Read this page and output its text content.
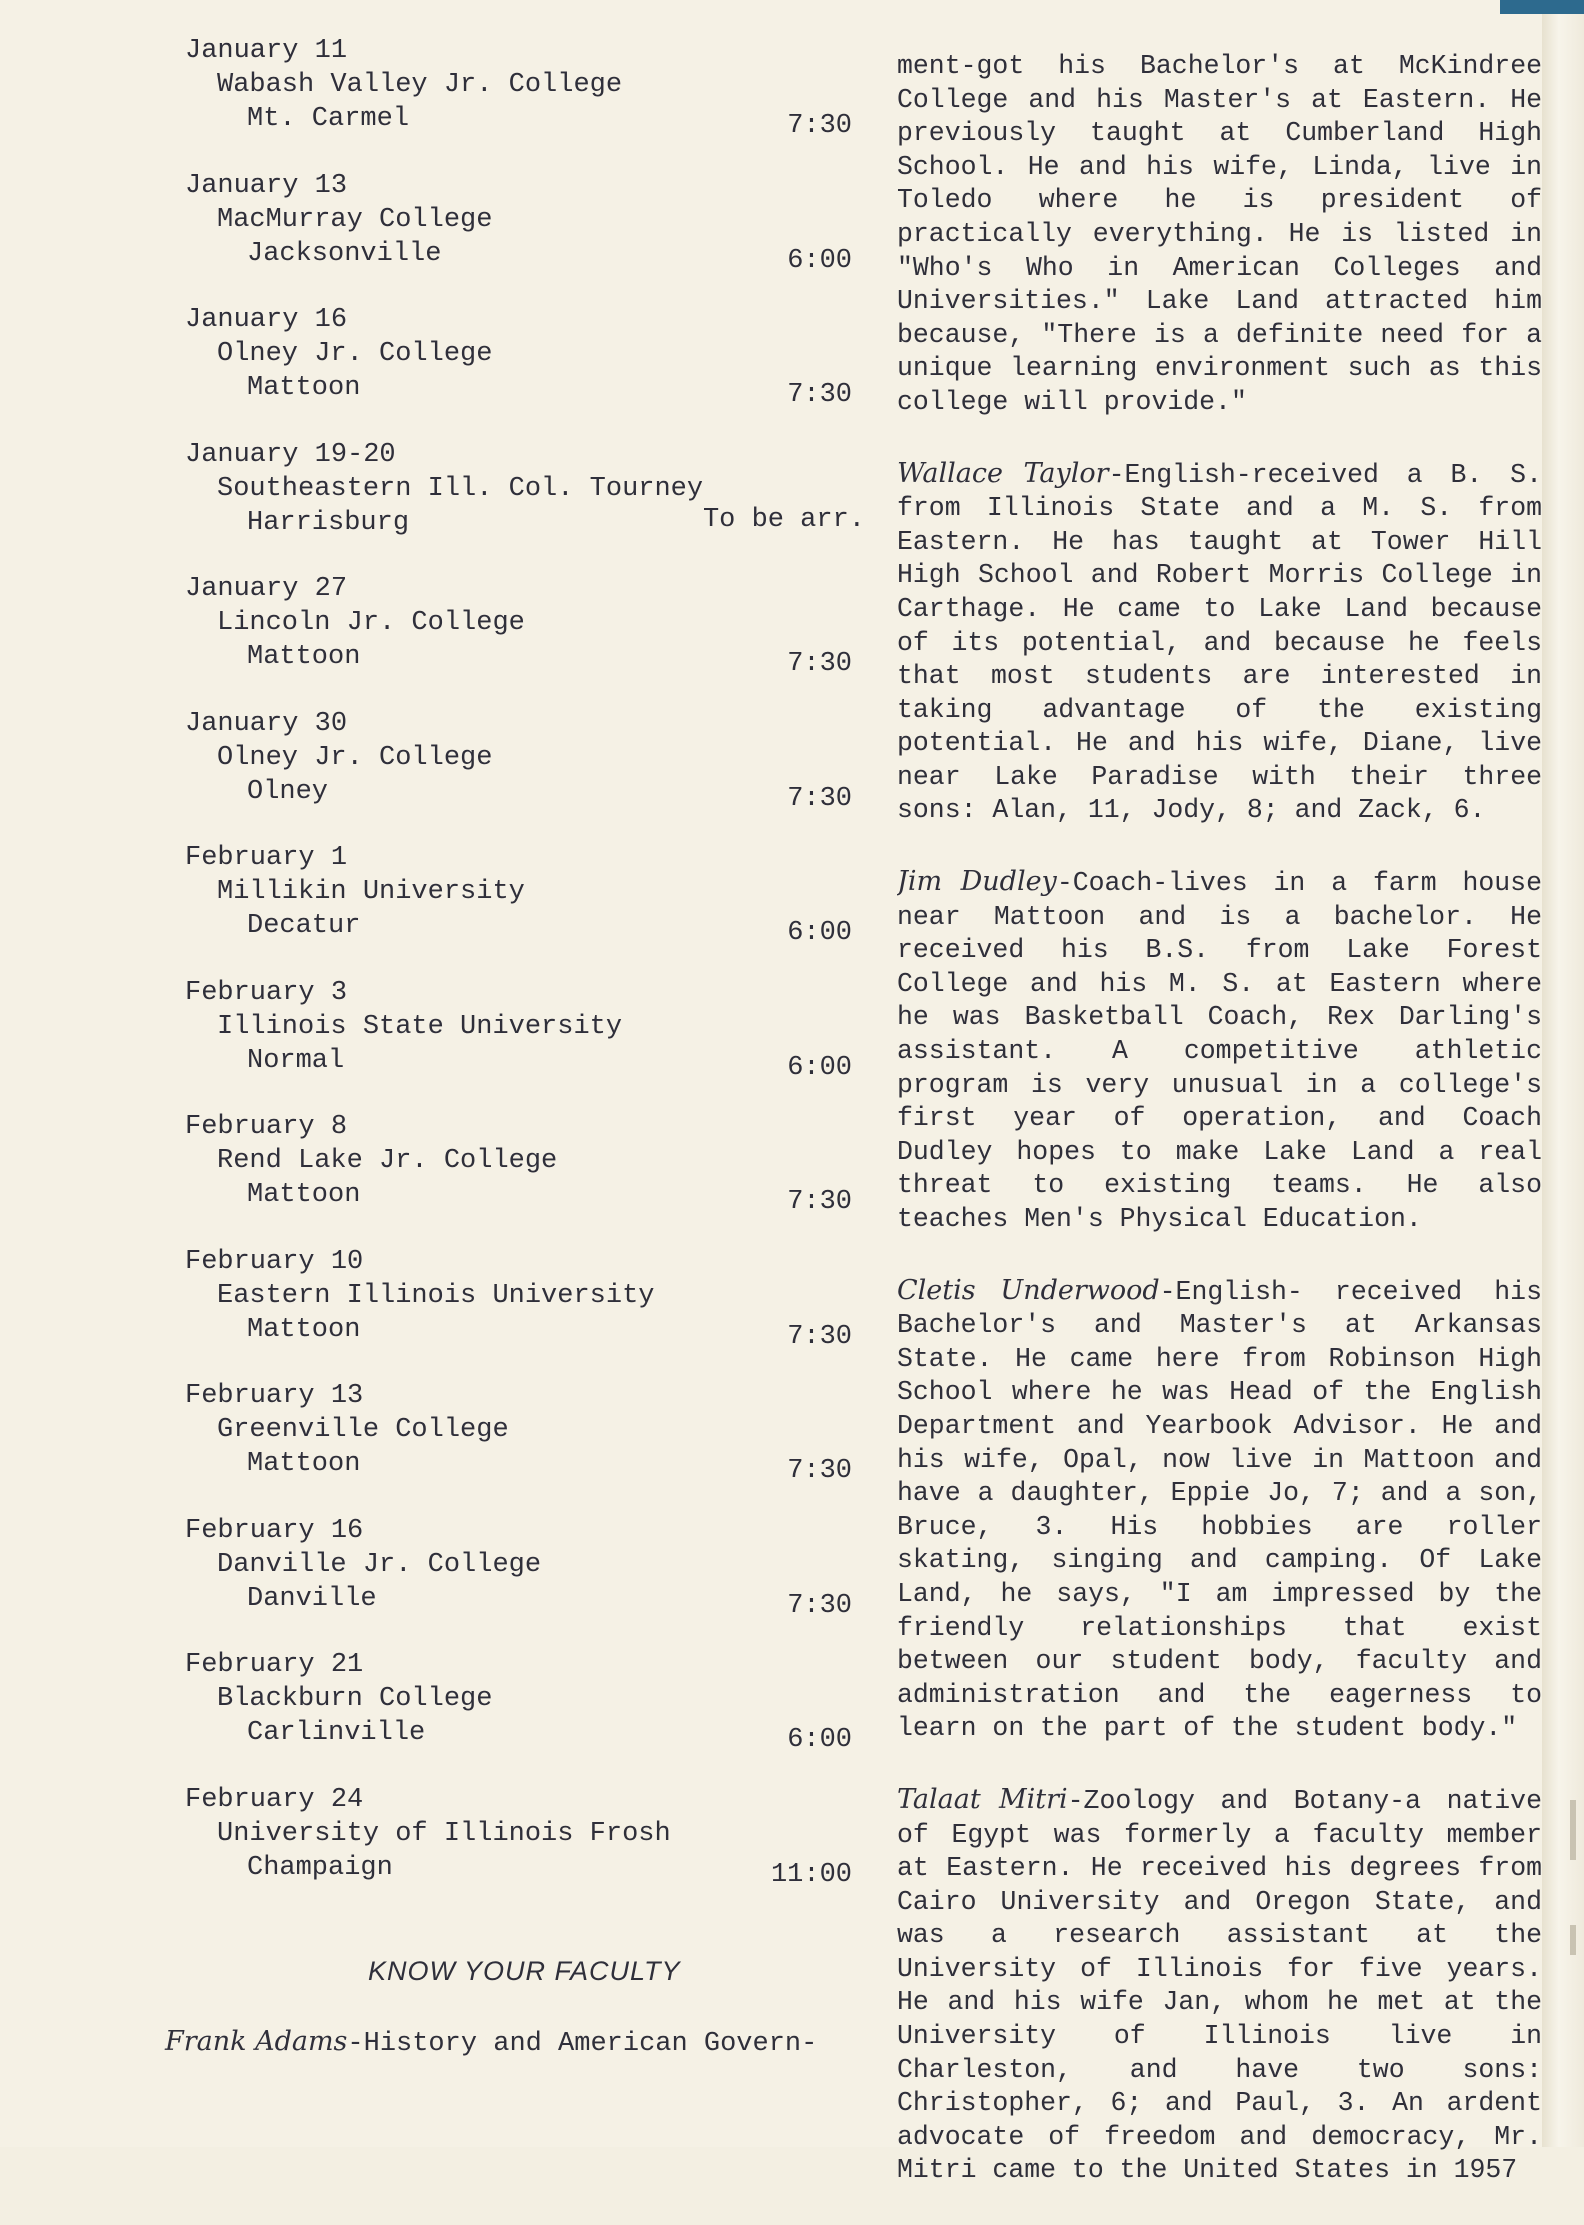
January 11
Wabash Valley Jr. College
Mt. Carmel	7:30
January 13
MacMurray College
Jacksonville	6:00
January 16
Olney Jr. College
Mattoon	7:30
January 19-20
Southeastern Ill. Col. Tourney
Harrisburg	To be arr.
January 27
Lincoln Jr. College
Mattoon	7:30
January 30
Olney Jr. College
Olney	7:30
February 1
Millikin University
Decatur	6:00
February 3
Illinois State University
Normal	6:00
February 8
Rend Lake Jr. College
Mattoon	7:30
February 10
Eastern Illinois University
Mattoon	7:30
February 13
Greenville College
Mattoon	7:30
February 16
Danville Jr. College
Danville	7:30
February 21
Blackburn College
Carlinville	6:00
February 24
University of Illinois Frosh
Champaign	11:00
KNOW YOUR FACULTY
Frank Adams-History and American Govern-

ment-got his Bachelor's at McKindree College and his Master's at Eastern. He previously taught at Cumberland High School. He and his wife, Linda, live in Toledo where he is president of practically everything. He is listed in "Who's Who in American Colleges and Universities." Lake Land attracted him because, "There is a definite need for a unique learning environment such as this college will provide."

Wallace Taylor-English-received a B. S. from Illinois State and a M. S. from Eastern. He has taught at Tower Hill High School and Robert Morris College in Carthage. He came to Lake Land because of its potential, and because he feels that most students are interested in taking advantage of the existing potential. He and his wife, Diane, live near Lake Paradise with their three sons: Alan, 11, Jody, 8; and Zack, 6.

Jim Dudley-Coach-lives in a farm house near Mattoon and is a bachelor. He received his B.S. from Lake Forest College and his M. S. at Eastern where he was Basketball Coach, Rex Darling's assistant. A competitive athletic program is very unusual in a college's first year of operation, and Coach Dudley hopes to make Lake Land a real threat to existing teams. He also teaches Men's Physical Education.

Cletis Underwood-English- received his Bachelor's and Master's at Arkansas State. He came here from Robinson High School where he was Head of the English Department and Yearbook Advisor. He and his wife, Opal, now live in Mattoon and have a daughter, Eppie Jo, 7; and a son, Bruce, 3. His hobbies are roller skating, singing and camping. Of Lake Land, he says, "I am impressed by the friendly relationships that exist between our student body, faculty and administration and the eagerness to learn on the part of the student body."

Talaat Mitri-Zoology and Botany-a native of Egypt was formerly a faculty member at Eastern. He received his degrees from Cairo University and Oregon State, and was a research assistant at the University of Illinois for five years. He and his wife Jan, whom he met at the University of Illinois live in Charleston, and have two sons: Christopher, 6; and Paul, 3. An ardent advocate of freedom and democracy, Mr. Mitri came to the United States in 1957
